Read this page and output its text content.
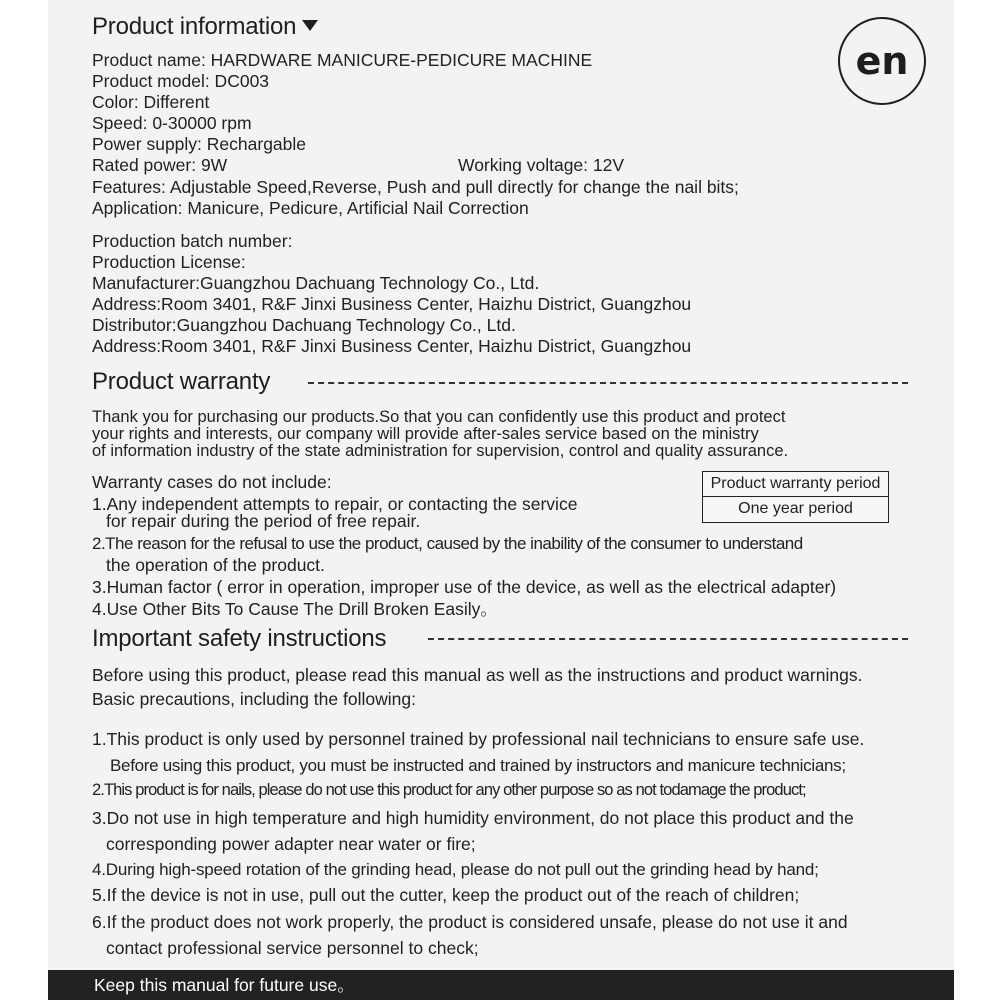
Product information
en
Product name: HARDWARE MANICURE-PEDICURE MACHINE
Product model: DC003
Color: Different
Speed: 0-30000 rpm
Power supply: Rechargable
Rated power: 9W	Working voltage: 12V
Features: Adjustable Speed,Reverse, Push and pull directly for change the nail bits;
Application: Manicure, Pedicure, Artificial Nail Correction
Production batch number:
Production License:
Manufacturer:Guangzhou Dachuang Technology Co., Ltd.
Address:Room 3401, R&F Jinxi Business Center, Haizhu District, Guangzhou
Distributor:Guangzhou Dachuang Technology Co., Ltd.
Address:Room 3401, R&F Jinxi Business Center, Haizhu District, Guangzhou
Product warranty
Thank you for purchasing our products.So that you can confidently use this product and protect
your rights and interests, our company will provide after-sales service based on the ministry
of information industry of the state administration for supervision, control and quality assurance.
Warranty cases do not include:
1.Any independent attempts to repair, or contacting the service
for repair during the period of free repair.
2.The reason for the refusal to use the product, caused by the inability of the consumer to understand
the operation of the product.
3.Human factor ( error in operation, improper use of the device, as well as the electrical adapter)
4.Use Other Bits To Cause The Drill Broken Easily。
Product warranty period
One year period
Important safety instructions
Before using this product, please read this manual as well as the instructions and product warnings.
Basic precautions, including the following:
1.This product is only used by personnel trained by professional nail technicians to ensure safe use.
Before using this product, you must be instructed and trained by instructors and manicure technicians;
2.This product is for nails, please do not use this product for any other purpose so as not todamage the product;
3.Do not use in high temperature and high humidity environment, do not place this product and the
corresponding power adapter near water or fire;
4.During high-speed rotation of the grinding head, please do not pull out the grinding head by hand;
5.If the device is not in use, pull out the cutter, keep the product out of the reach of children;
6.If the product does not work properly, the product is considered unsafe, please do not use it and
contact professional service personnel to check;
Keep this manual for future use。
